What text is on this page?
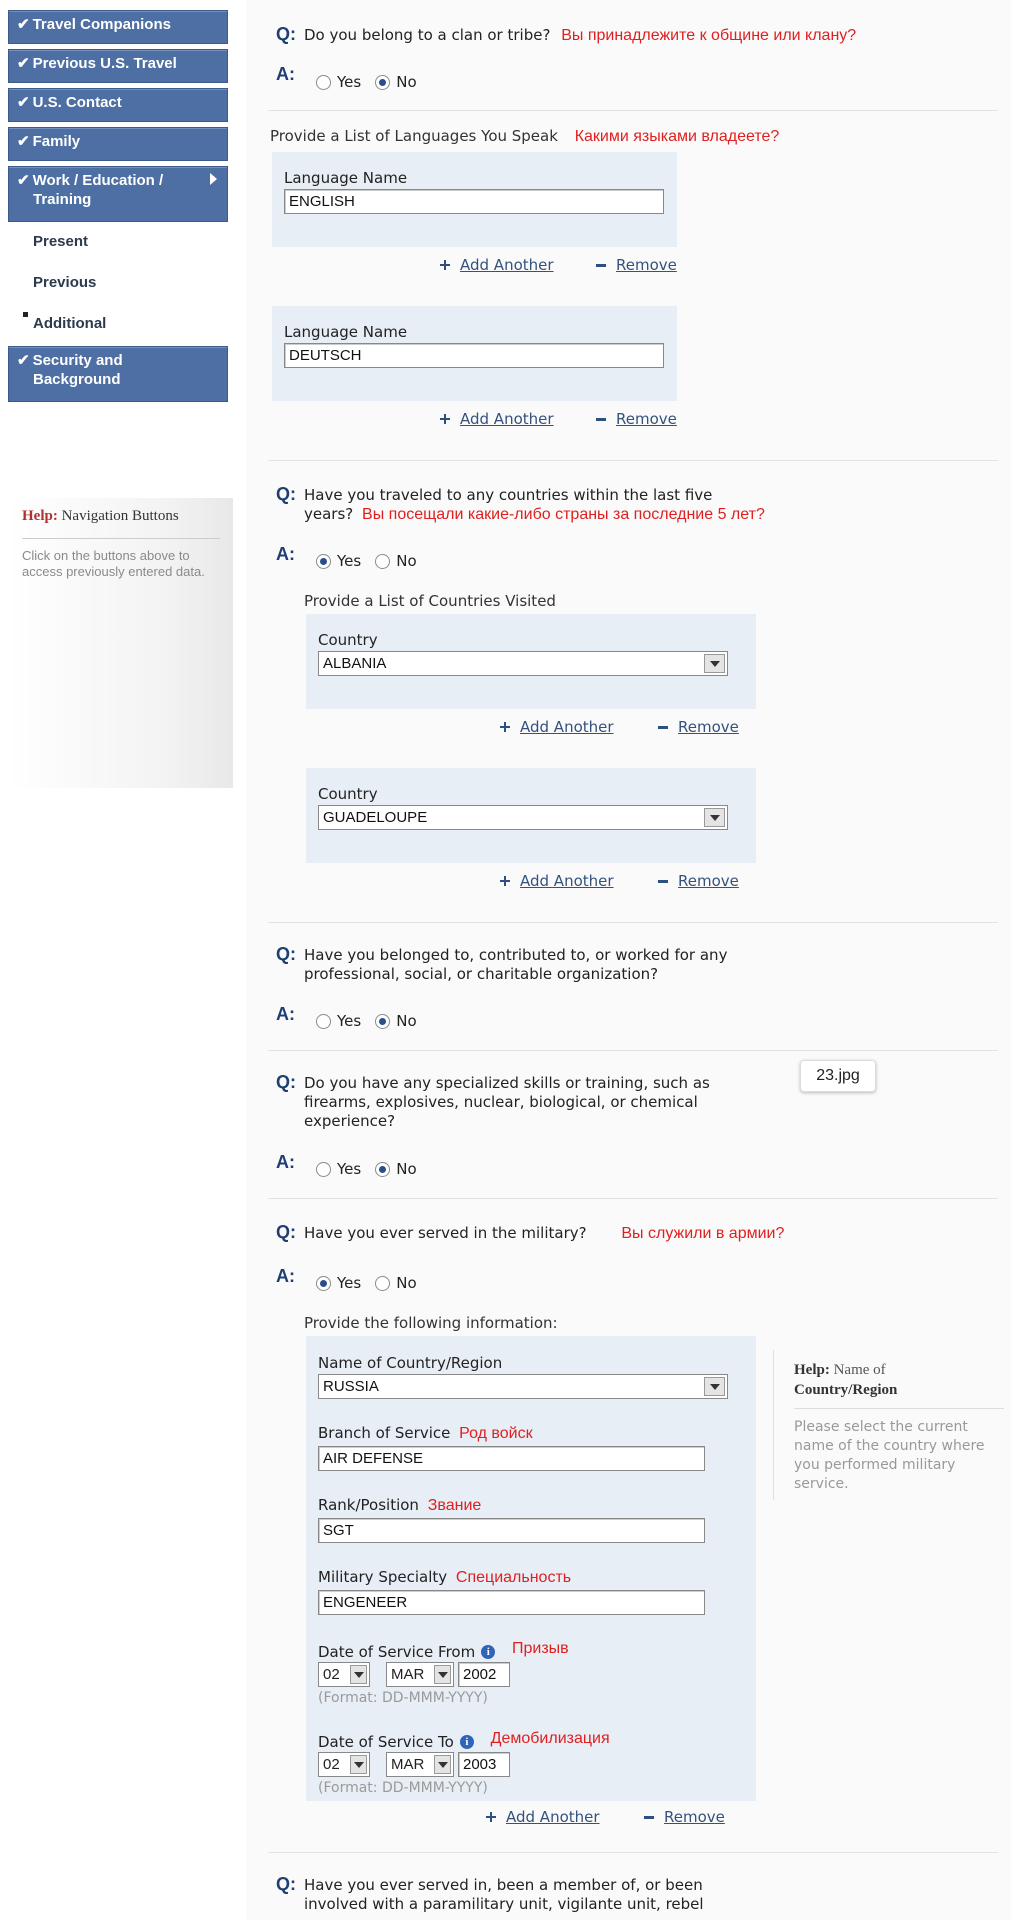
✔ Travel Companions
✔ Previous U.S. Travel
✔ U.S. Contact
✔ Family
✔ Work / Education /
Training
Present
Previous
Additional
✔ Security and
Background
Help: Navigation Buttons
Click on the buttons above to access previously entered data.
Q: Do you belong to a clan or tribe? Вы принадлежите к общине или клану?
A:	Yes No
Provide a List of Languages You Speak Какими языками владеете?
Language Name
ENGLISH
Add Another	Remove
Language Name
DEUTSCH
Add Another	Remove
Q: Have you traveled to any countries within the last five
years? Вы посещали какие-либо страны за последние 5 лет?
A:	Yes No
Provide a List of Countries Visited
Country
ALBANIA
Add Another	Remove
Country
GUADELOUPE
Add Another	Remove
Q: Have you belonged to, contributed to, or worked for any
professional, social, or charitable organization?
A:	Yes No
Q: Do you have any specialized skills or training, such as
firearms, explosives, nuclear, biological, or chemical
experience?
A:	Yes No
Q: Have you ever served in the military? Вы служили в армии?
A:	Yes No
Provide the following information:
Name of Country/Region
RUSSIA
Branch of Service Род войск
AIR DEFENSE
Rank/Position Звание
SGT
Military Specialty Специальность
ENGENEER
Date of Service From i Призыв
02	MAR	2002
(Format: DD-MMM-YYYY)
Date of Service To i Демобилизация
02	MAR	2003
(Format: DD-MMM-YYYY)
Add Another	Remove
Q: Have you ever served in, been a member of, or been
involved with a paramilitary unit, vigilante unit, rebel
Help: Name of
Country/Region
Please select the current name of the country where you performed military service.
23.jpg
